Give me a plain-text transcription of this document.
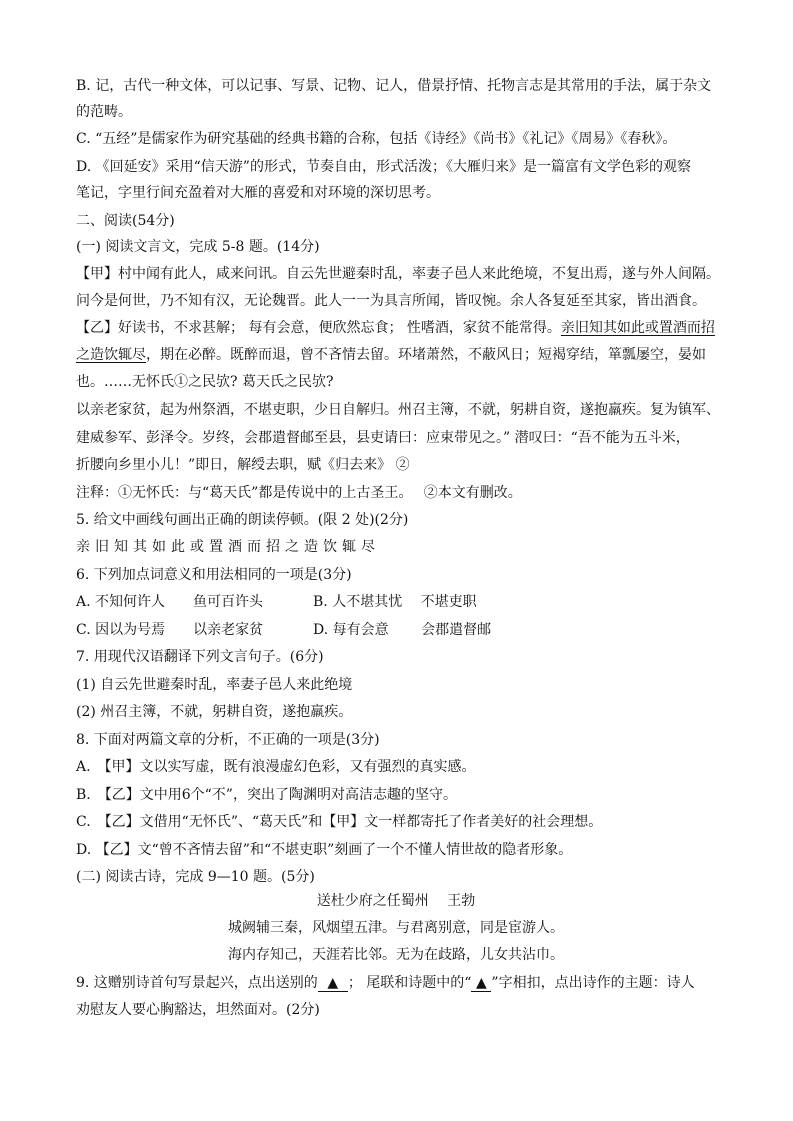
B. 记，古代一种文体，可以记事、写景、记物、记人，借景抒情、托物言志是其常用的手法，属于杂文
的范畴。
C. “五经”是儒家作为研究基础的经典书籍的合称，包括《诗经》《尚书》《礼记》《周易》《春秋》。
D. 《回延安》采用“信天游”的形式，节奏自由，形式活泼；《大雁归来》是一篇富有文学色彩的观察
笔记，字里行间充盈着对大雁的喜爱和对环境的深切思考。
二、阅读(54分)
(一) 阅读文言文，完成 5-8 题。(14分)
【甲】村中闻有此人，咸来问讯。自云先世避秦时乱，率妻子邑人来此绝境，不复出焉，遂与外人间隔。
问今是何世，乃不知有汉，无论魏晋。此人一一为具言所闻，皆叹惋。余人各复延至其家，皆出酒食。
【乙】好读书，不求甚解； 每有会意，便欣然忘食； 性嗜酒，家贫不能常得。亲旧知其如此或置酒而招
之造饮辄尽，期在必醉。既醉而退，曾不吝情去留。环堵萧然，不蔽风日；短褐穿结，箪瓢屡空，晏如
也。……无怀氏①之民欤? 葛天氏之民欤?
以亲老家贫，起为州祭酒，不堪吏职，少日自解归。州召主簿，不就，躬耕自资，遂抱羸疾。复为镇军、
建威参军、彭泽令。岁终，会郡遣督邮至县，县吏请曰：应束带见之。” 潜叹曰：“吾不能为五斗米，
折腰向乡里小儿！”即日，解绶去职，赋《归去来》 ②
注释：①无怀氏：与“葛天氏”都是传说中的上古圣王。　 ②本文有删改。
5. 给文中画线句画出正确的朗读停顿。(限 2 处)(2分)
亲旧知其如此或置酒而招之造饮辄尽
6. 下列加点词意义和用法相同的一项是(3分)
A. 不知何许人　　鱼可百许头	B. 人不堪其忧　 不堪吏职
C. 因以为号焉　　以亲老家贫	D. 每有会意　　 会郡遣督邮
7. 用现代汉语翻译下列文言句子。(6分)
(1) 自云先世避秦时乱，率妻子邑人来此绝境
(2) 州召主簿，不就，躬耕自资，遂抱羸疾。
8. 下面对两篇文章的分析，不正确的一项是(3分)
A.　【甲】文以实写虚，既有浪漫虚幻色彩，又有强烈的真实感。
B.　【乙】文中用6个“不”，突出了陶渊明对高洁志趣的坚守。
C.　【乙】文借用“无怀氏”、“葛天氏”和【甲】文一样都寄托了作者美好的社会理想。
D. 【乙】文“曾不吝情去留”和“不堪吏职”刻画了一个不懂人情世故的隐者形象。
(二) 阅读古诗，完成 9—10 题。(5分)
送杜少府之任蜀州　 王勃
城阙辅三秦，风烟望五津。与君离别意，同是宦游人。
海内存知己，天涯若比邻。无为在歧路，儿女共沾巾。
9. 这赠别诗首句写景起兴，点出送别的 ▲ ； 尾联和诗题中的“ ▲ ”字相扣，点出诗作的主题：诗人
劝慰友人要心胸豁达，坦然面对。(2分)
